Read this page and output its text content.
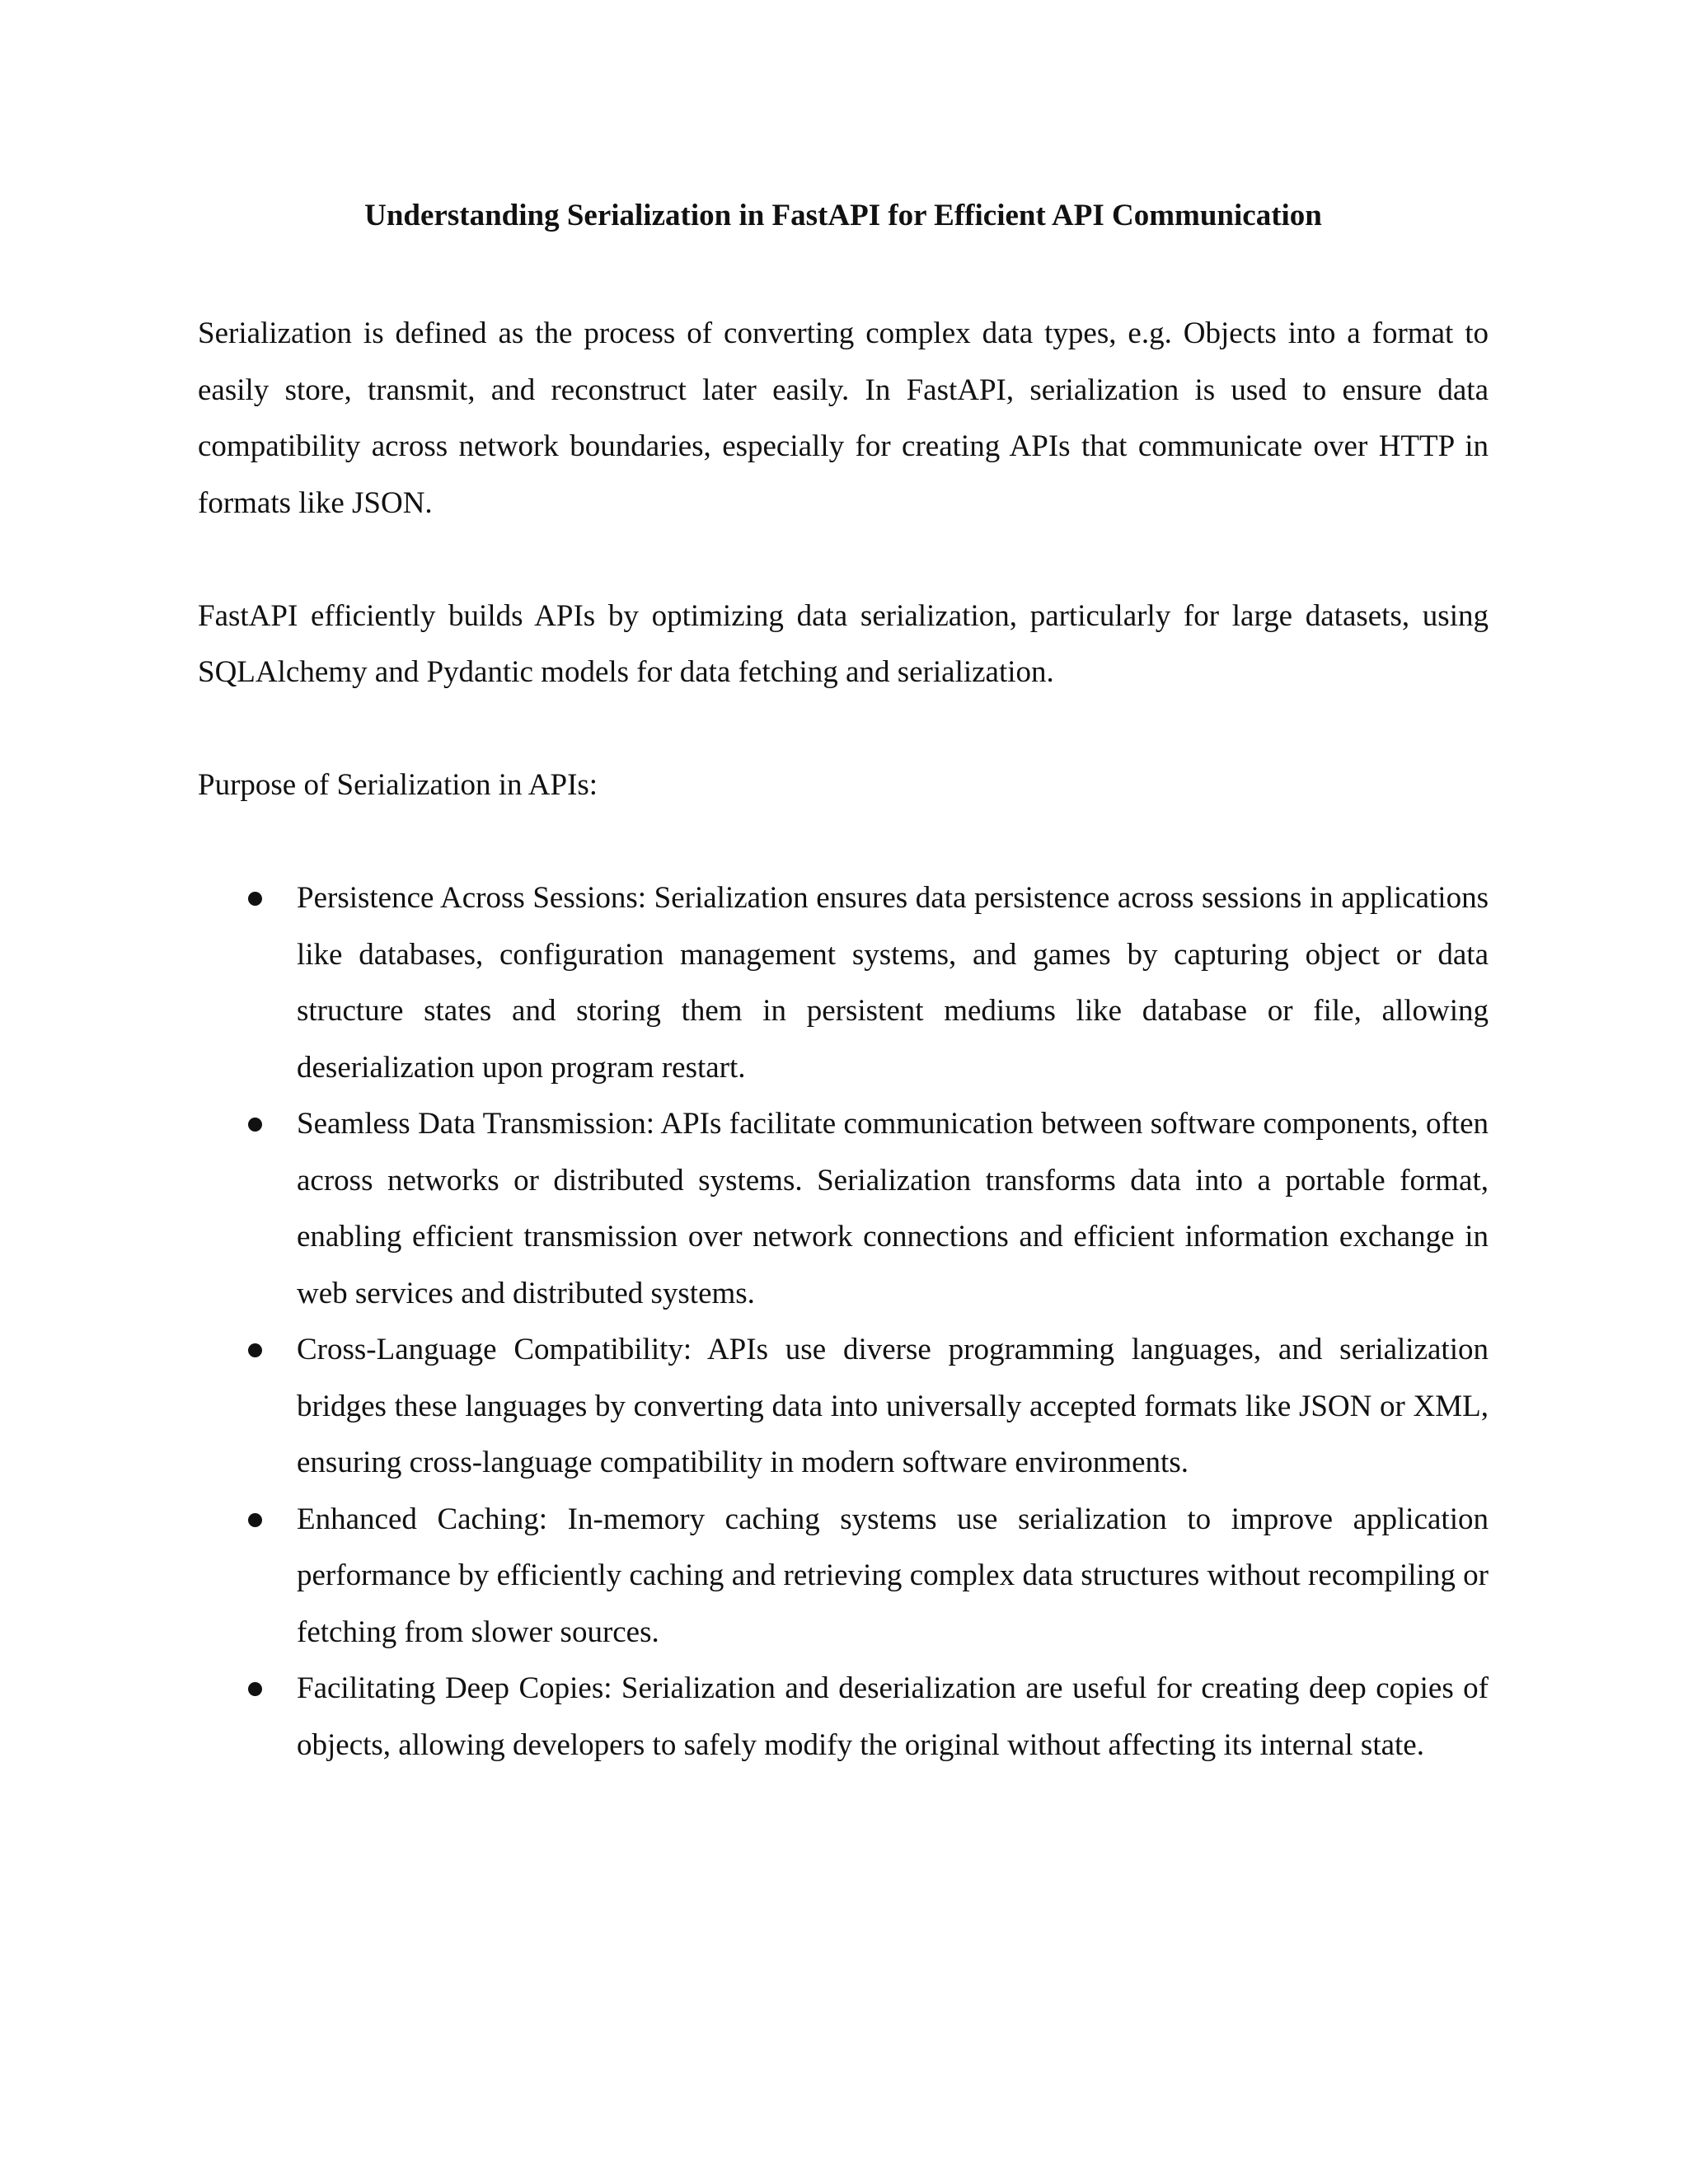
Understanding Serialization in FastAPI for Efficient API Communication

Serialization is defined as the process of converting complex data types, e.g. Objects into a format to easily store, transmit, and reconstruct later easily. In FastAPI, serialization is used to ensure data compatibility across network boundaries, especially for creating APIs that communicate over HTTP in formats like JSON.

FastAPI efficiently builds APIs by optimizing data serialization, particularly for large datasets, using SQLAlchemy and Pydantic models for data fetching and serialization.

Purpose of Serialization in APIs:

Persistence Across Sessions: Serialization ensures data persistence across sessions in applications like databases, configuration management systems, and games by capturing object or data structure states and storing them in persistent mediums like database or file, allowing deserialization upon program restart.
Seamless Data Transmission: APIs facilitate communication between software components, often across networks or distributed systems. Serialization transforms data into a portable format, enabling efficient transmission over network connections and efficient information exchange in web services and distributed systems.
Cross-Language Compatibility: APIs use diverse programming languages, and serialization bridges these languages by converting data into universally accepted formats like JSON or XML, ensuring cross-language compatibility in modern software environments.
Enhanced Caching: In-memory caching systems use serialization to improve application performance by efficiently caching and retrieving complex data structures without recompiling or fetching from slower sources.
Facilitating Deep Copies: Serialization and deserialization are useful for creating deep copies of objects, allowing developers to safely modify the original without affecting its internal state.
